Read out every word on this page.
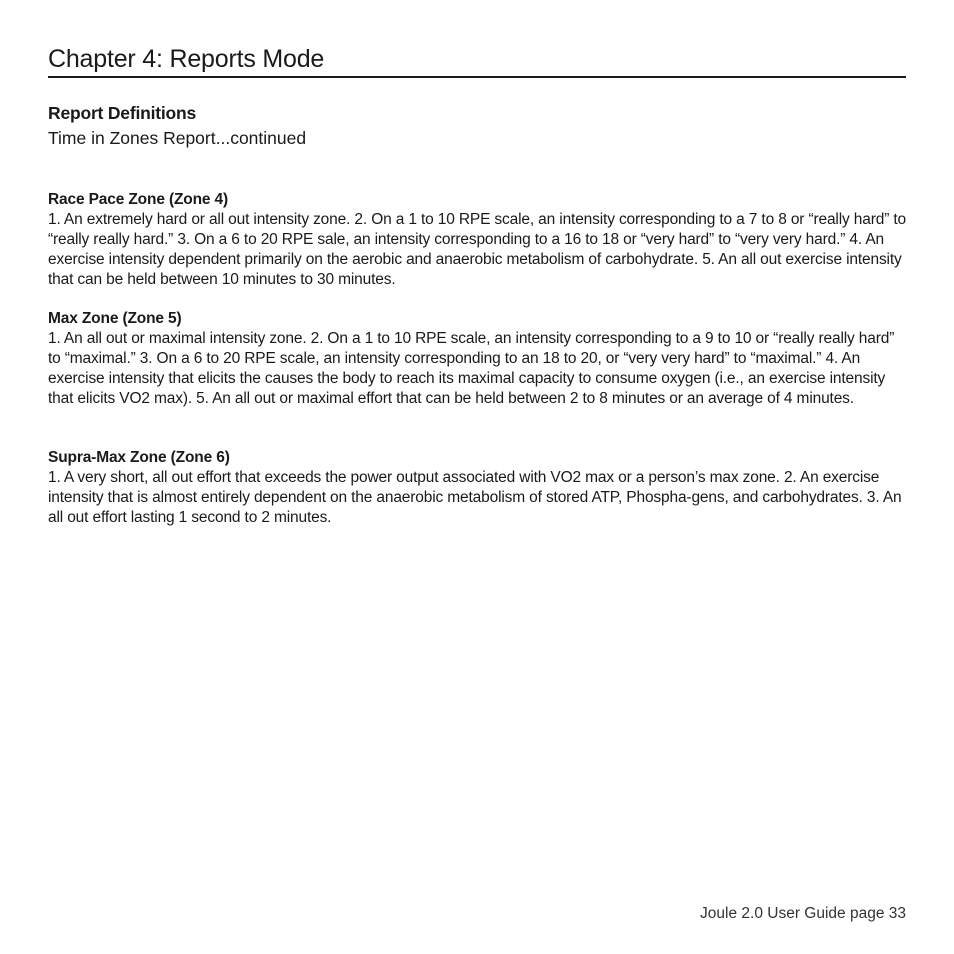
Chapter 4: Reports Mode
Report Definitions
Time in Zones Report...continued
Race Pace Zone (Zone 4)

1. An extremely hard or all out intensity zone. 2. On a 1 to 10 RPE scale, an intensity corresponding to a 7 to 8 or “really hard” to “really really hard.” 3. On a 6 to 20 RPE sale, an intensity corresponding to a 16 to 18 or “very hard” to “very very hard.” 4. An exercise intensity dependent primarily on the aerobic and anaerobic metabolism of carbohydrate. 5. An all out exercise intensity that can be held between 10 minutes to 30 minutes.

Max Zone (Zone 5)

1. An all out or maximal intensity zone. 2. On a 1 to 10 RPE scale, an intensity corresponding to a 9 to 10 or “really really hard” to “maximal.” 3. On a 6 to 20 RPE scale, an intensity corresponding to an 18 to 20, or “very very hard” to “maximal.” 4. An exercise intensity that elicits the causes the body to reach its maximal capacity to consume oxygen (i.e., an exercise intensity that elicits VO2 max). 5. An all out or maximal effort that can be held between 2 to 8 minutes or an average of 4 minutes.

Supra-Max Zone (Zone 6)

1. A very short, all out effort that exceeds the power output associated with VO2 max or a person’s max zone. 2. An exercise intensity that is almost entirely dependent on the anaerobic metabolism of stored ATP, Phospha-gens, and carbohydrates. 3. An all out effort lasting 1 second to 2 minutes.

Joule 2.0 User Guide page 33
